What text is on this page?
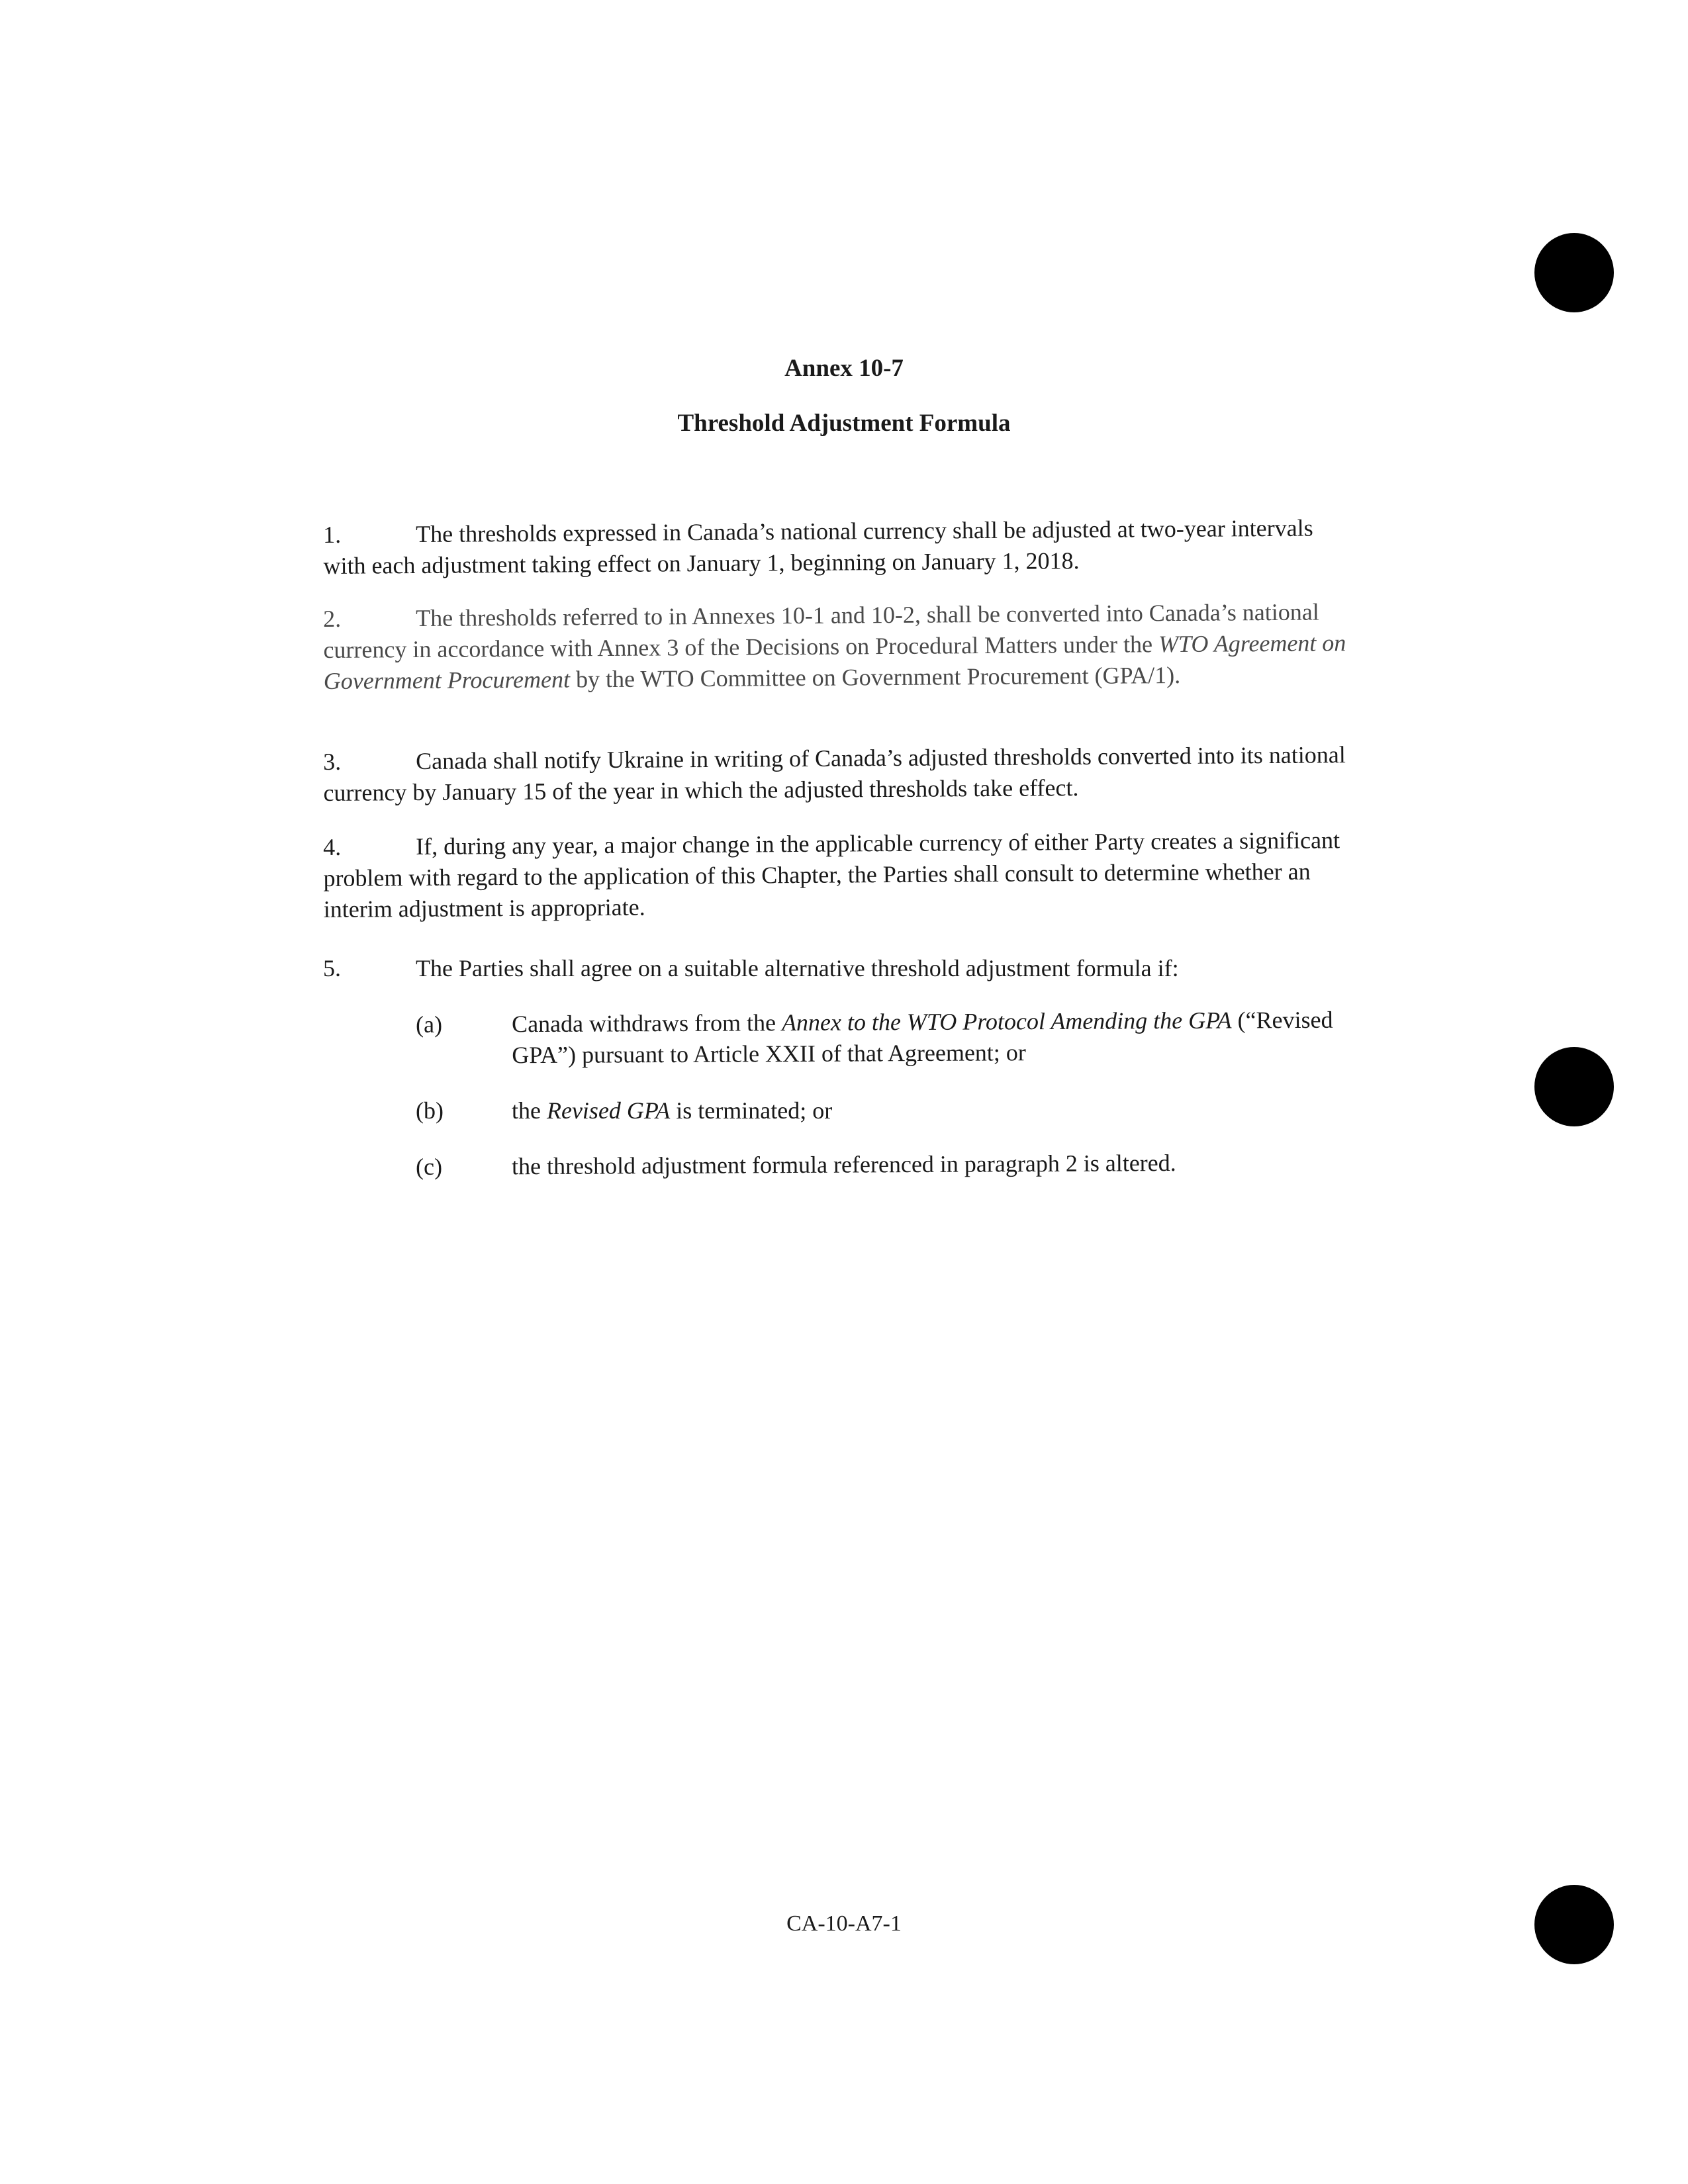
Annex 10-7
Threshold Adjustment Formula
1.	The thresholds expressed in Canada’s national currency shall be adjusted at two-year intervals with each adjustment taking effect on January 1, beginning on January 1, 2018.
2.	The thresholds referred to in Annexes 10-1 and 10-2, shall be converted into Canada’s national currency in accordance with Annex 3 of the Decisions on Procedural Matters under the WTO Agreement on Government Procurement by the WTO Committee on Government Procurement (GPA/1).
3.	Canada shall notify Ukraine in writing of Canada’s adjusted thresholds converted into its national currency by January 15 of the year in which the adjusted thresholds take effect.
4.	If, during any year, a major change in the applicable currency of either Party creates a significant problem with regard to the application of this Chapter, the Parties shall consult to determine whether an interim adjustment is appropriate.
5.	The Parties shall agree on a suitable alternative threshold adjustment formula if:
(a)	Canada withdraws from the Annex to the WTO Protocol Amending the GPA (“Revised GPA”) pursuant to Article XXII of that Agreement; or
(b)	the Revised GPA is terminated; or
(c)	the threshold adjustment formula referenced in paragraph 2 is altered.
CA-10-A7-1
